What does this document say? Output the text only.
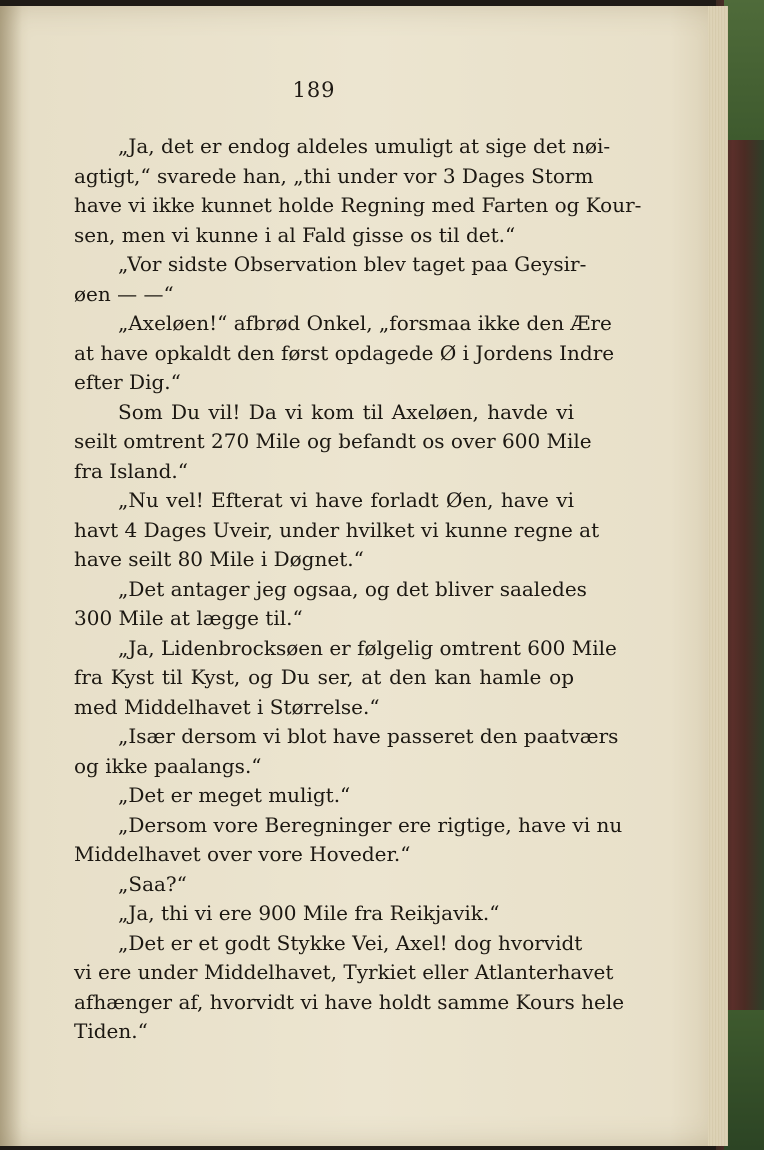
189
„Ja, det er endog aldeles umuligt at sige det nøi-
agtigt,“ svarede han, „thi under vor 3 Dages Storm
have vi ikke kunnet holde Regning med Farten og Kour-
sen, men vi kunne i al Fald gisse os til det.“
„Vor sidste Observation blev taget paa Geysir-
øen — —“
„Axeløen!“ afbrød Onkel, „forsmaa ikke den Ære
at have opkaldt den først opdagede Ø i Jordens Indre
efter Dig.“
Som Du vil! Da vi kom til Axeløen, havde vi
seilt omtrent 270 Mile og befandt os over 600 Mile
fra Island.“
„Nu vel! Efterat vi have forladt Øen, have vi
havt 4 Dages Uveir, under hvilket vi kunne regne at
have seilt 80 Mile i Døgnet.“
„Det antager jeg ogsaa, og det bliver saaledes
300 Mile at lægge til.“
„Ja, Lidenbrocksøen er følgelig omtrent 600 Mile
fra Kyst til Kyst, og Du ser, at den kan hamle op
med Middelhavet i Størrelse.“
„Især dersom vi blot have passeret den paatværs
og ikke paalangs.“
„Det er meget muligt.“
„Dersom vore Beregninger ere rigtige, have vi nu
Middelhavet over vore Hoveder.“
„Saa?“
„Ja, thi vi ere 900 Mile fra Reikjavik.“
„Det er et godt Stykke Vei, Axel! dog hvorvidt
vi ere under Middelhavet, Tyrkiet eller Atlanterhavet
afhænger af, hvorvidt vi have holdt samme Kours hele
Tiden.“
